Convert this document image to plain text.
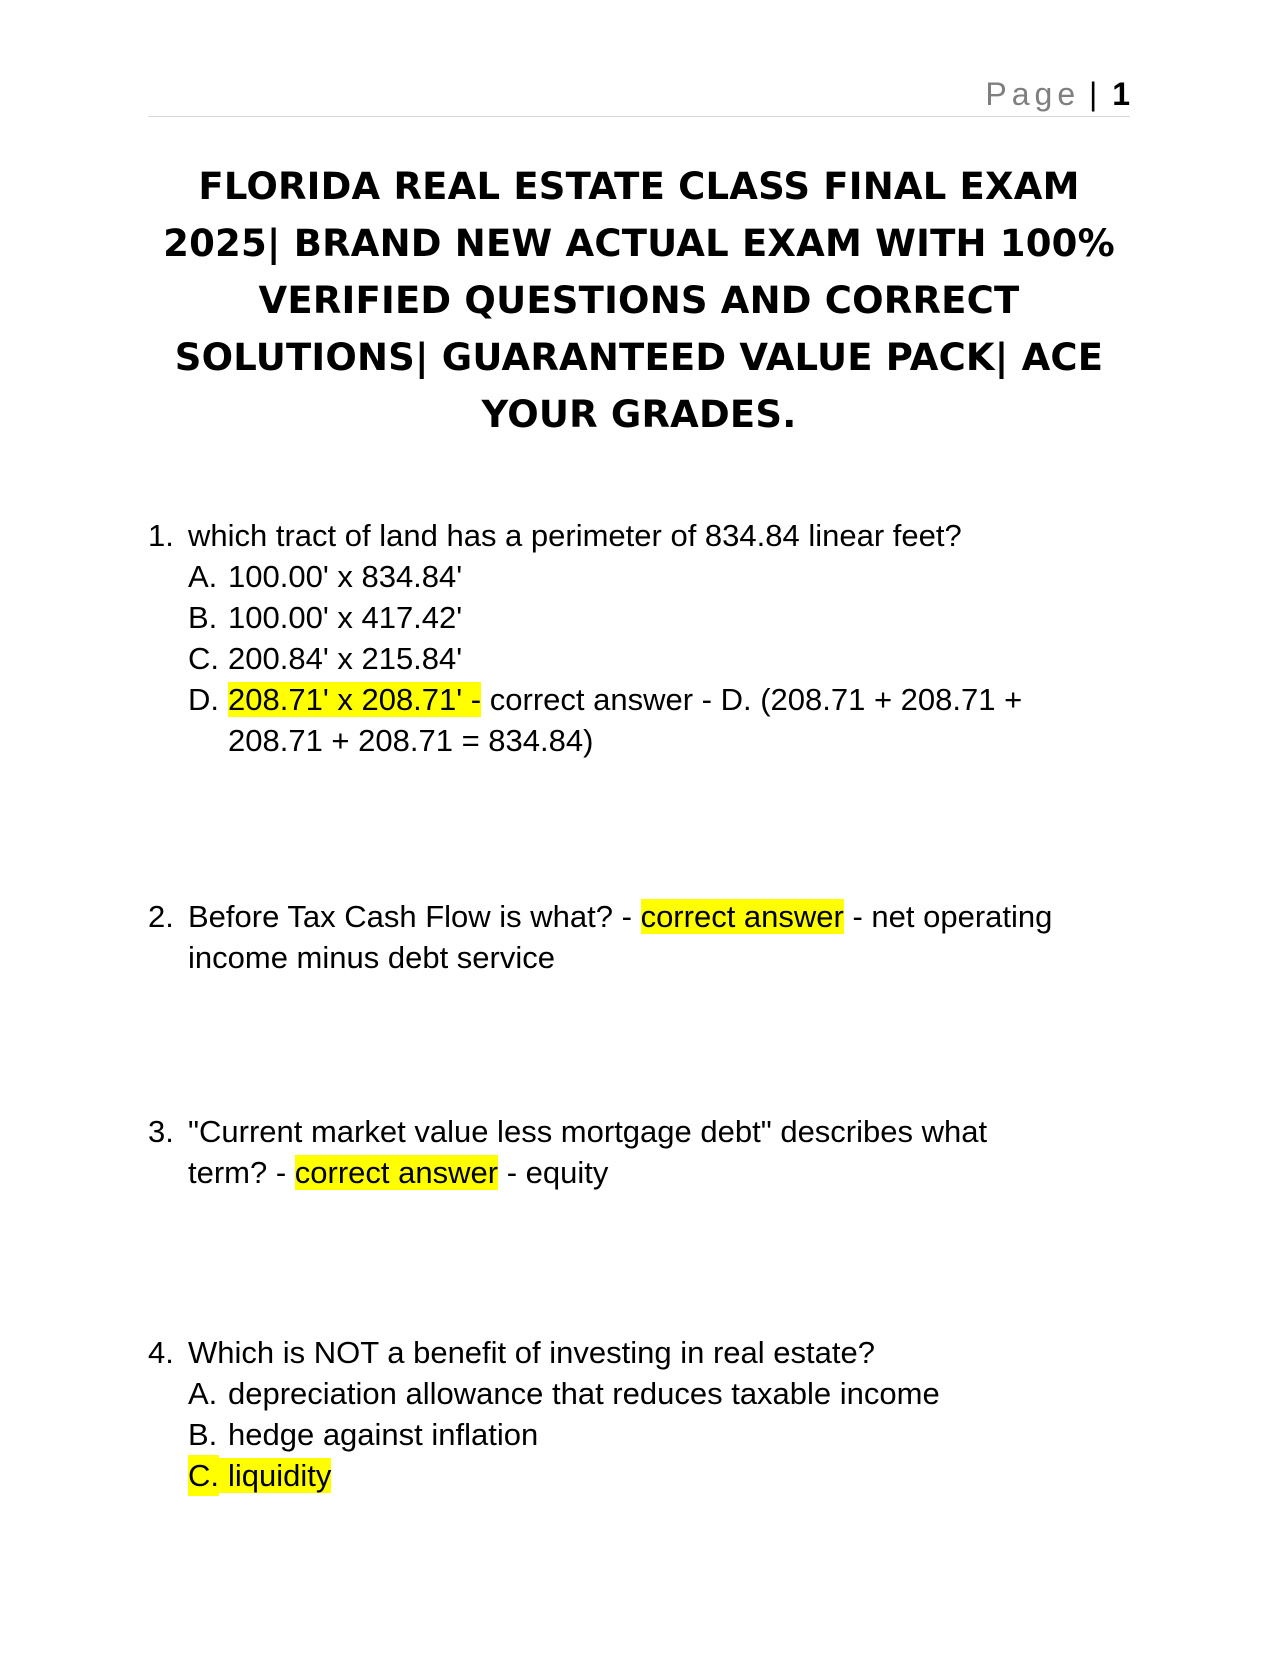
Page | 1
FLORIDA REAL ESTATE CLASS FINAL EXAM
2025| BRAND NEW ACTUAL EXAM WITH 100%
VERIFIED QUESTIONS AND CORRECT
SOLUTIONS| GUARANTEED VALUE PACK| ACE
YOUR GRADES.
1. which tract of land has a perimeter of 834.84 linear feet?
A. 100.00' x 834.84'
B. 100.00' x 417.42'
C. 200.84' x 215.84'
D. 208.71' x 208.71' - correct answer - D. (208.71 + 208.71 +
208.71 + 208.71 = 834.84)
2. Before Tax Cash Flow is what? - correct answer - net operating
income minus debt service
3. "Current market value less mortgage debt" describes what
term? - correct answer - equity
4. Which is NOT a benefit of investing in real estate?
A. depreciation allowance that reduces taxable income
B. hedge against inflation
C. liquidity
